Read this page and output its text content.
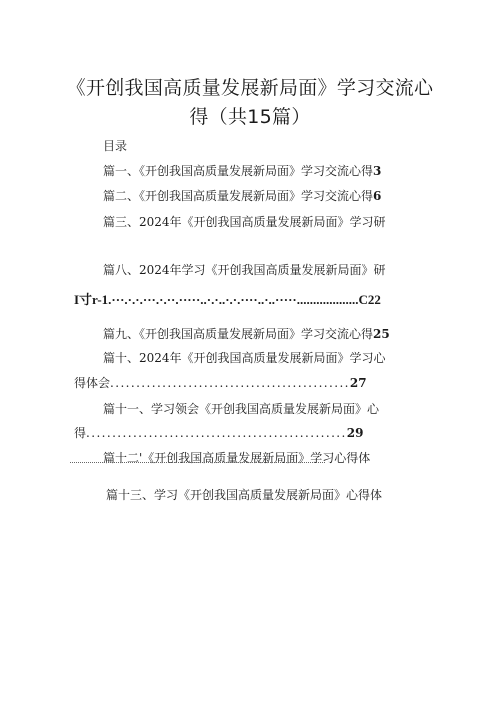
《开创我国高质量发展新局面》学习交流心
得（共15篇）
目录
篇一、《开创我国高质量发展新局面》学习交流心得3
篇二、《开创我国高质量发展新局面》学习交流心得6
篇三、2024年《开创我国高质量发展新局面》学习研
篇八、2024年学习《开创我国高质量发展新局面》研
I寸r-1.···.·.·.···.·.··.·····..·.·..·.·.····..·..·····...................C22
篇九、《开创我国高质量发展新局面》学习交流心得25
篇十、2024年《开创我国高质量发展新局面》学习心
得体会..............................................27
篇十一、学习领会《开创我国高质量发展新局面》心
得..................................................29
篇十二'《开创我国高质量发展新局面》学习心得体
篇十三、学习《开创我国高质量发展新局面》心得体
